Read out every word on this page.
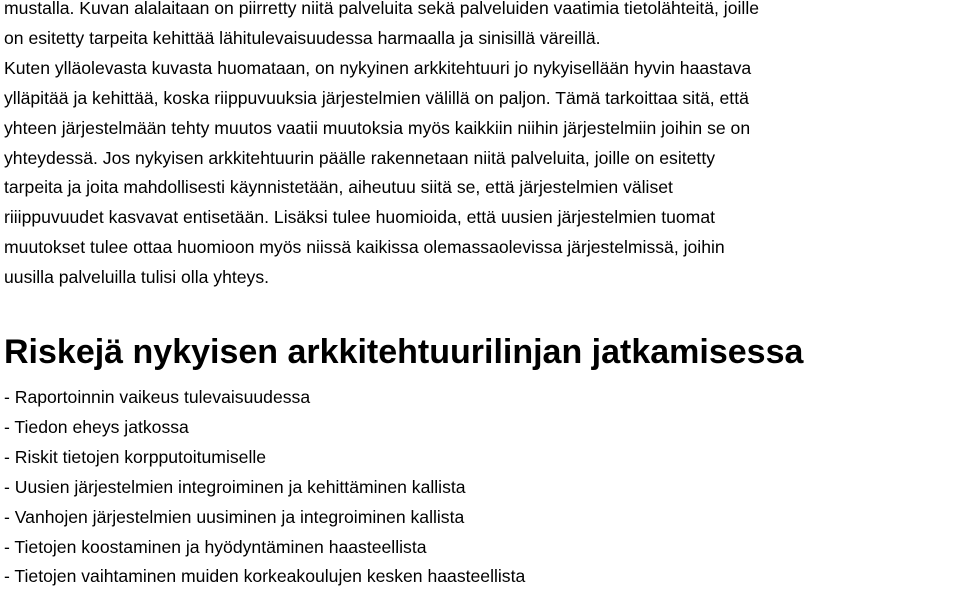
mustalla. Kuvan alalaitaan on piirretty niitä palveluita sekä palveluiden vaatimia tietolähteitä, joille
on esitetty tarpeita kehittää lähitulevaisuudessa harmaalla ja sinisillä väreillä.

Kuten ylläolevasta kuvasta huomataan, on nykyinen arkkitehtuuri jo nykyisellään hyvin haastava
ylläpitää ja kehittää, koska riippuvuuksia järjestelmien välillä on paljon. Tämä tarkoittaa sitä, että
yhteen järjestelmään tehty muutos vaatii muutoksia myös kaikkiin niihin järjestelmiin joihin se on
yhteydessä. Jos nykyisen arkkitehtuurin päälle rakennetaan niitä palveluita, joille on esitetty
tarpeita ja joita mahdollisesti käynnistetään, aiheutuu siitä se, että järjestelmien väliset
riiippuvuudet kasvavat entisetään. Lisäksi tulee huomioida, että uusien järjestelmien tuomat
muutokset tulee ottaa huomioon myös niissä kaikissa olemassaolevissa järjestelmissä, joihin
uusilla palveluilla tulisi olla yhteys.

Riskejä nykyisen arkkitehtuurilinjan jatkamisessa
- Raportoinnin vaikeus tulevaisuudessa
- Tiedon eheys jatkossa
- Riskit tietojen korpputoitumiselle
- Uusien järjestelmien integroiminen ja kehittäminen kallista
- Vanhojen järjestelmien uusiminen ja integroiminen kallista
- Tietojen koostaminen ja hyödyntäminen haasteellista
- Tietojen vaihtaminen muiden korkeakoulujen kesken haasteellista
